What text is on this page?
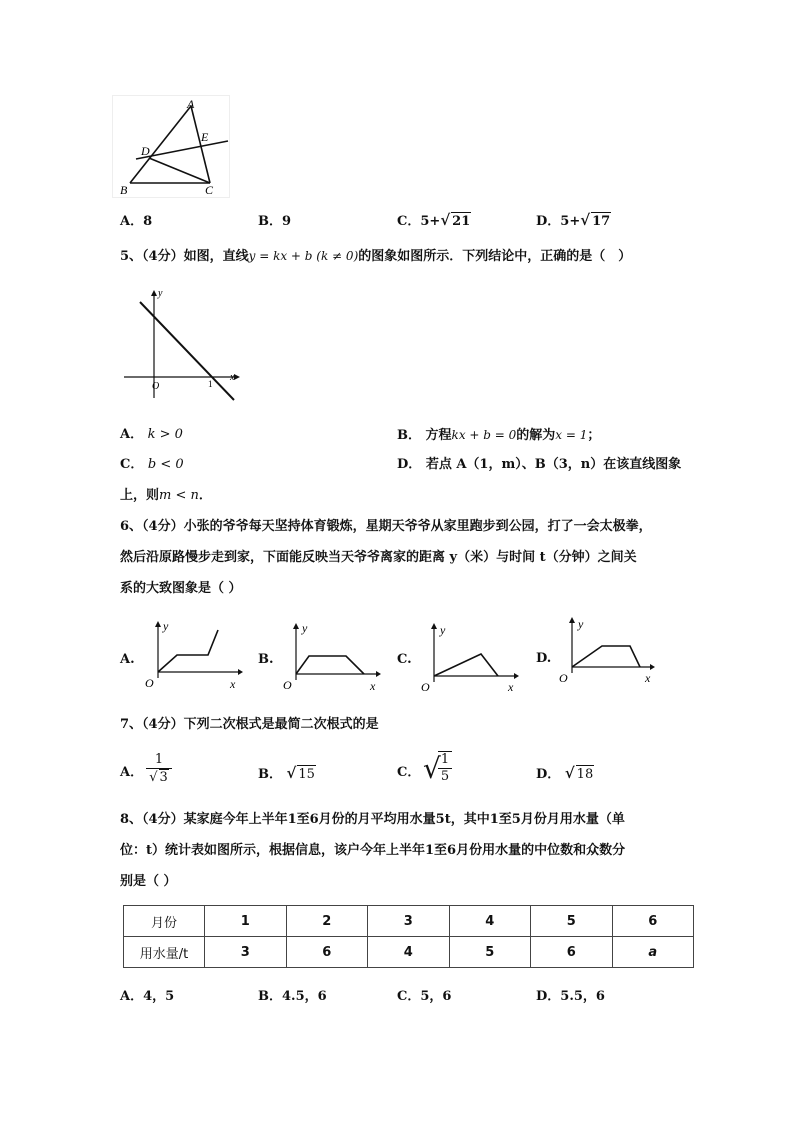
A
B	C
D
E
A．8	B．9	C．5+√ 21	D．5+√ 17
5、（4分）如图，直线y = kx + b (k ≠ 0)的图象如图所示．下列结论中，正确的是（　）
x
y
O	1
A． k > 0	B． 方程kx + b = 0的解为x = 1；
C． b < 0	D． 若点 A（1，m）、B（3，n）在该直线图象
上，则m < n．
6、（4分）小张的爷爷每天坚持体育锻炼，星期天爷爷从家里跑步到公园，打了一会太极拳，
然后沿原路慢步走到家，下面能反映当天爷爷离家的距离 y（米）与时间 t（分钟）之间关
系的大致图象是（ ）
A.
y
x
O
B.
y
x
O
C.
y
x
O
D.
y
x
O
7、（4分）下列二次根式是最简二次根式的是
A．
1
√ 3	B． √ 15	C． √
$\frac{1}{5}$	D． √ 18
8、（4分）某家庭今年上半年1至6月份的月平均用水量5t，其中1至5月份月用水量（单
位：t）统计表如图所示，根据信息，该户今年上半年1至6月份用水量的中位数和众数分
别是（ ）
月份	1	2	3	4	5	6
用水量/t	3	6	4	5	6	a
A．4，5	B．4.5，6	C．5，6	D．5.5，6
